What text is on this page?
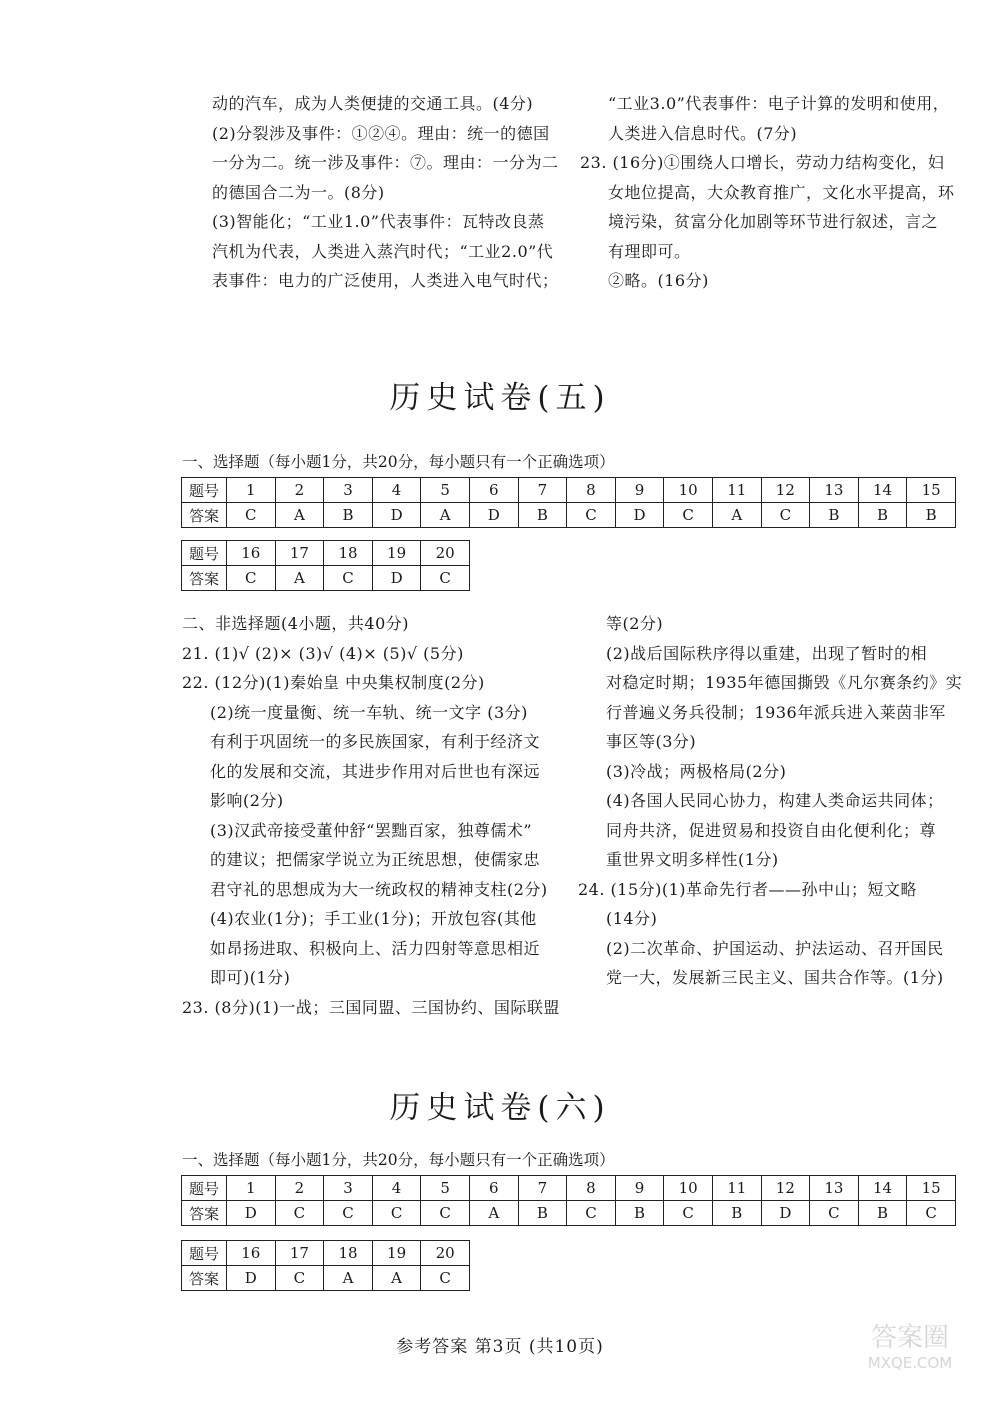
动的汽车，成为人类便捷的交通工具。(4分)

(2)分裂涉及事件：①②④。理由：统一的德国

一分为二。统一涉及事件：⑦。理由：一分为二

的德国合二为一。(8分)

(3)智能化；“工业1.0”代表事件：瓦特改良蒸

汽机为代表，人类进入蒸汽时代；“工业2.0”代

表事件：电力的广泛使用，人类进入电气时代；

“工业3.0”代表事件：电子计算的发明和使用，

人类进入信息时代。(7分)

23. (16分)①围绕人口增长，劳动力结构变化，妇

女地位提高，大众教育推广，文化水平提高，环

境污染，贫富分化加剧等环节进行叙述，言之

有理即可。

②略。(16分)

历史试卷(五)
一、选择题（每小题1分，共20分，每小题只有一个正确选项）
题号	1	2	3	4	5	6	7	8	9	10	11	12	13	14	15
答案	C	A	B	D	A	D	B	C	D	C	A	C	B	B	B
题号	16	17	18	19	20
答案	C	A	C	D	C

二、非选择题(4小题，共40分)

21. (1)√ (2)× (3)√ (4)× (5)√ (5分)

22. (12分)(1)秦始皇 中央集权制度(2分)

(2)统一度量衡、统一车轨、统一文字 (3分)

有利于巩固统一的多民族国家，有利于经济文

化的发展和交流，其进步作用对后世也有深远

影响(2分)

(3)汉武帝接受董仲舒“罢黜百家，独尊儒术”

的建议；把儒家学说立为正统思想，使儒家忠

君守礼的思想成为大一统政权的精神支柱(2分)

(4)农业(1分)；手工业(1分)；开放包容(其他

如昂扬进取、积极向上、活力四射等意思相近

即可)(1分)

23. (8分)(1)一战；三国同盟、三国协约、国际联盟

等(2分)

(2)战后国际秩序得以重建，出现了暂时的相

对稳定时期；1935年德国撕毁《凡尔赛条约》实

行普遍义务兵役制；1936年派兵进入莱茵非军

事区等(3分)

(3)冷战；两极格局(2分)

(4)各国人民同心协力，构建人类命运共同体；

同舟共济，促进贸易和投资自由化便利化；尊

重世界文明多样性(1分)

24. (15分)(1)革命先行者——孙中山；短文略

(14分)

(2)二次革命、护国运动、护法运动、召开国民

党一大，发展新三民主义、国共合作等。(1分)

历史试卷(六)
一、选择题（每小题1分，共20分，每小题只有一个正确选项）
题号	1	2	3	4	5	6	7	8	9	10	11	12	13	14	15
答案	D	C	C	C	C	A	B	C	B	C	B	D	C	B	C
题号	16	17	18	19	20
答案	D	C	A	A	C
参考答案 第3页 (共10页)	答案圈
MXQE.COM
